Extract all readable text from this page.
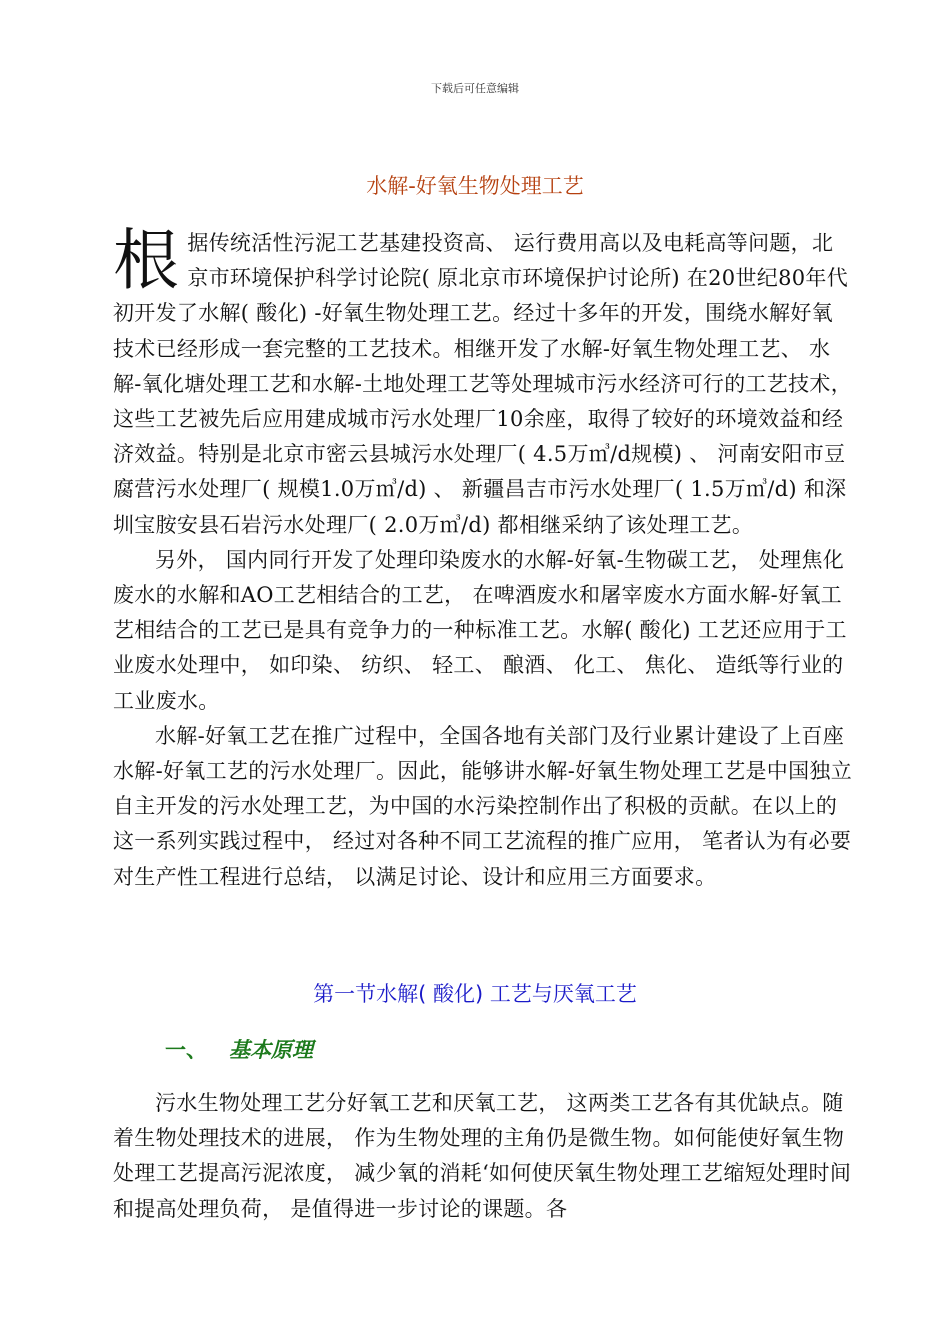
下载后可任意编辑
水解-好氧生物处理工艺

根据传统活性污泥工艺基建投资高、 运行费用高以及电耗高等问题，北京市环境保护科学讨论院( 原北京市环境保护讨论所) 在20世纪80年代初开发了水解( 酸化) -好氧生物处理工艺。经过十多年的开发，围绕水解好氧技术已经形成一套完整的工艺技术。相继开发了水解-好氧生物处理工艺、 水解-氧化塘处理工艺和水解-土地处理工艺等处理城市污水经济可行的工艺技术，这些工艺被先后应用建成城市污水处理厂10余座，取得了较好的环境效益和经济效益。特别是北京市密云县城污水处理厂( 4.5万㎥/d规模) 、 河南安阳市豆腐营污水处理厂( 规模1.0万㎥/d) 、 新疆昌吉市污水处理厂( 1.5万㎥/d) 和深圳宝胺安县石岩污水处理厂( 2.0万㎥/d) 都相继采纳了该处理工艺。

另外， 国内同行开发了处理印染废水的水解-好氧-生物碳工艺， 处理焦化废水的水解和AO工艺相结合的工艺， 在啤酒废水和屠宰废水方面水解-好氧工艺相结合的工艺已是具有竞争力的一种标准工艺。水解( 酸化) 工艺还应用于工业废水处理中， 如印染、 纺织、 轻工、 酿酒、 化工、 焦化、 造纸等行业的工业废水。

水解-好氧工艺在推广过程中，全国各地有关部门及行业累计建设了上百座水解-好氧工艺的污水处理厂。因此，能够讲水解-好氧生物处理工艺是中国独立自主开发的污水处理工艺，为中国的水污染控制作出了积极的贡献。在以上的这一系列实践过程中， 经过对各种不同工艺流程的推广应用， 笔者认为有必要对生产性工程进行总结， 以满足讨论、设计和应用三方面要求。

第一节水解( 酸化) 工艺与厌氧工艺
一、 基本原理

污水生物处理工艺分好氧工艺和厌氧工艺， 这两类工艺各有其优缺点。随着生物处理技术的进展， 作为生物处理的主角仍是微生物。如何能使好氧生物处理工艺提高污泥浓度， 减少氧的消耗‘如何使厌氧生物处理工艺缩短处理时间和提高处理负荷， 是值得进一步讨论的课题。各
